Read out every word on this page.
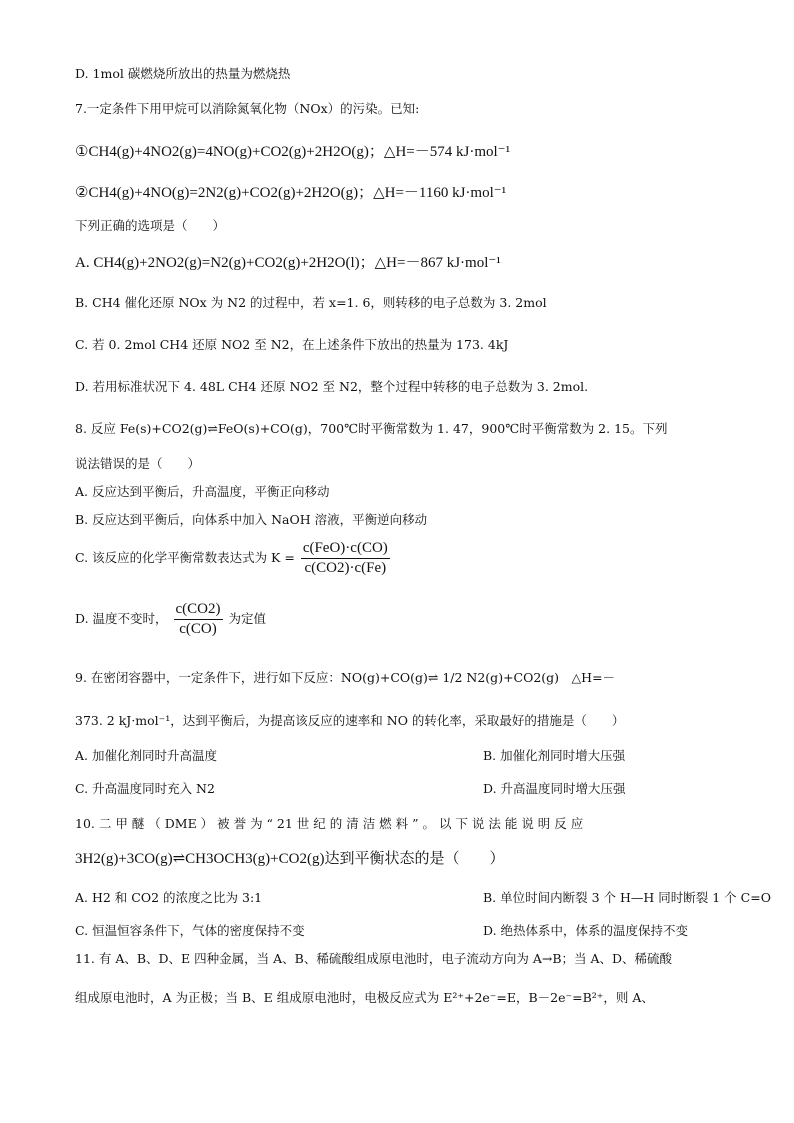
D. 1mol 碳燃烧所放出的热量为燃烧热
7.一定条件下用甲烷可以消除氮氧化物（NOx）的污染。已知:
①CH4(g)+4NO2(g)=4NO(g)+CO2(g)+2H2O(g)；△H=－574 kJ·mol⁻¹
②CH4(g)+4NO(g)=2N2(g)+CO2(g)+2H2O(g)；△H=－1160 kJ·mol⁻¹
下列正确的选项是（　　）
A. CH4(g)+2NO2(g)=N2(g)+CO2(g)+2H2O(l)；△H=－867 kJ·mol⁻¹
B. CH4 催化还原 NOx 为 N2 的过程中，若 x=1. 6，则转移的电子总数为 3. 2mol
C. 若 0. 2mol CH4 还原 NO2 至 N2，在上述条件下放出的热量为 173. 4kJ
D. 若用标准状况下 4. 48L CH4 还原 NO2 至 N2，整个过程中转移的电子总数为 3. 2mol.
8. 反应 Fe(s)+CO2(g)⇌FeO(s)+CO(g)，700℃时平衡常数为 1. 47，900℃时平衡常数为 2. 15。下列
说法错误的是（　　）
A. 反应达到平衡后，升高温度，平衡正向移动
B. 反应达到平衡后，向体系中加入 NaOH 溶液，平衡逆向移动
C. 该反应的化学平衡常数表达式为 $K = \frac{\text{c(FeO)·c(CO)}}{c(CO2)\cdot c(Fe)}$
D. 温度不变时， $\frac{c(CO2)}{c(CO)}$ 为定值
9. 在密闭容器中，一定条件下，进行如下反应：NO(g)+CO(g)⇌ 1/2 N2(g)+CO2(g)　△H=－
373. 2 kJ·mol⁻¹，达到平衡后，为提高该反应的速率和 NO 的转化率，采取最好的措施是（　　）
A. 加催化剂同时升高温度	B. 加催化剂同时增大压强
C. 升高温度同时充入 N2	D. 升高温度同时增大压强
10. 二 甲 醚 （ DME ） 被 誉 为 “ 21 世 纪 的 清 洁 燃 料 ” 。 以 下 说 法 能 说 明 反 应
3H2(g)+3CO(g)⇌CH3OCH3(g)+CO2(g)达到平衡状态的是（　　）
A. H2 和 CO2 的浓度之比为 3:1	B. 单位时间内断裂 3 个 H—H 同时断裂 1 个 C=O
C. 恒温恒容条件下，气体的密度保持不变	D. 绝热体系中，体系的温度保持不变
11. 有 A、B、D、E 四种金属，当 A、B、稀硫酸组成原电池时，电子流动方向为 A→B；当 A、D、稀硫酸
组成原电池时，A 为正极；当 B、E 组成原电池时，电极反应式为 E²⁺+2e⁻=E，B－2e⁻=B²⁺，则 A、
